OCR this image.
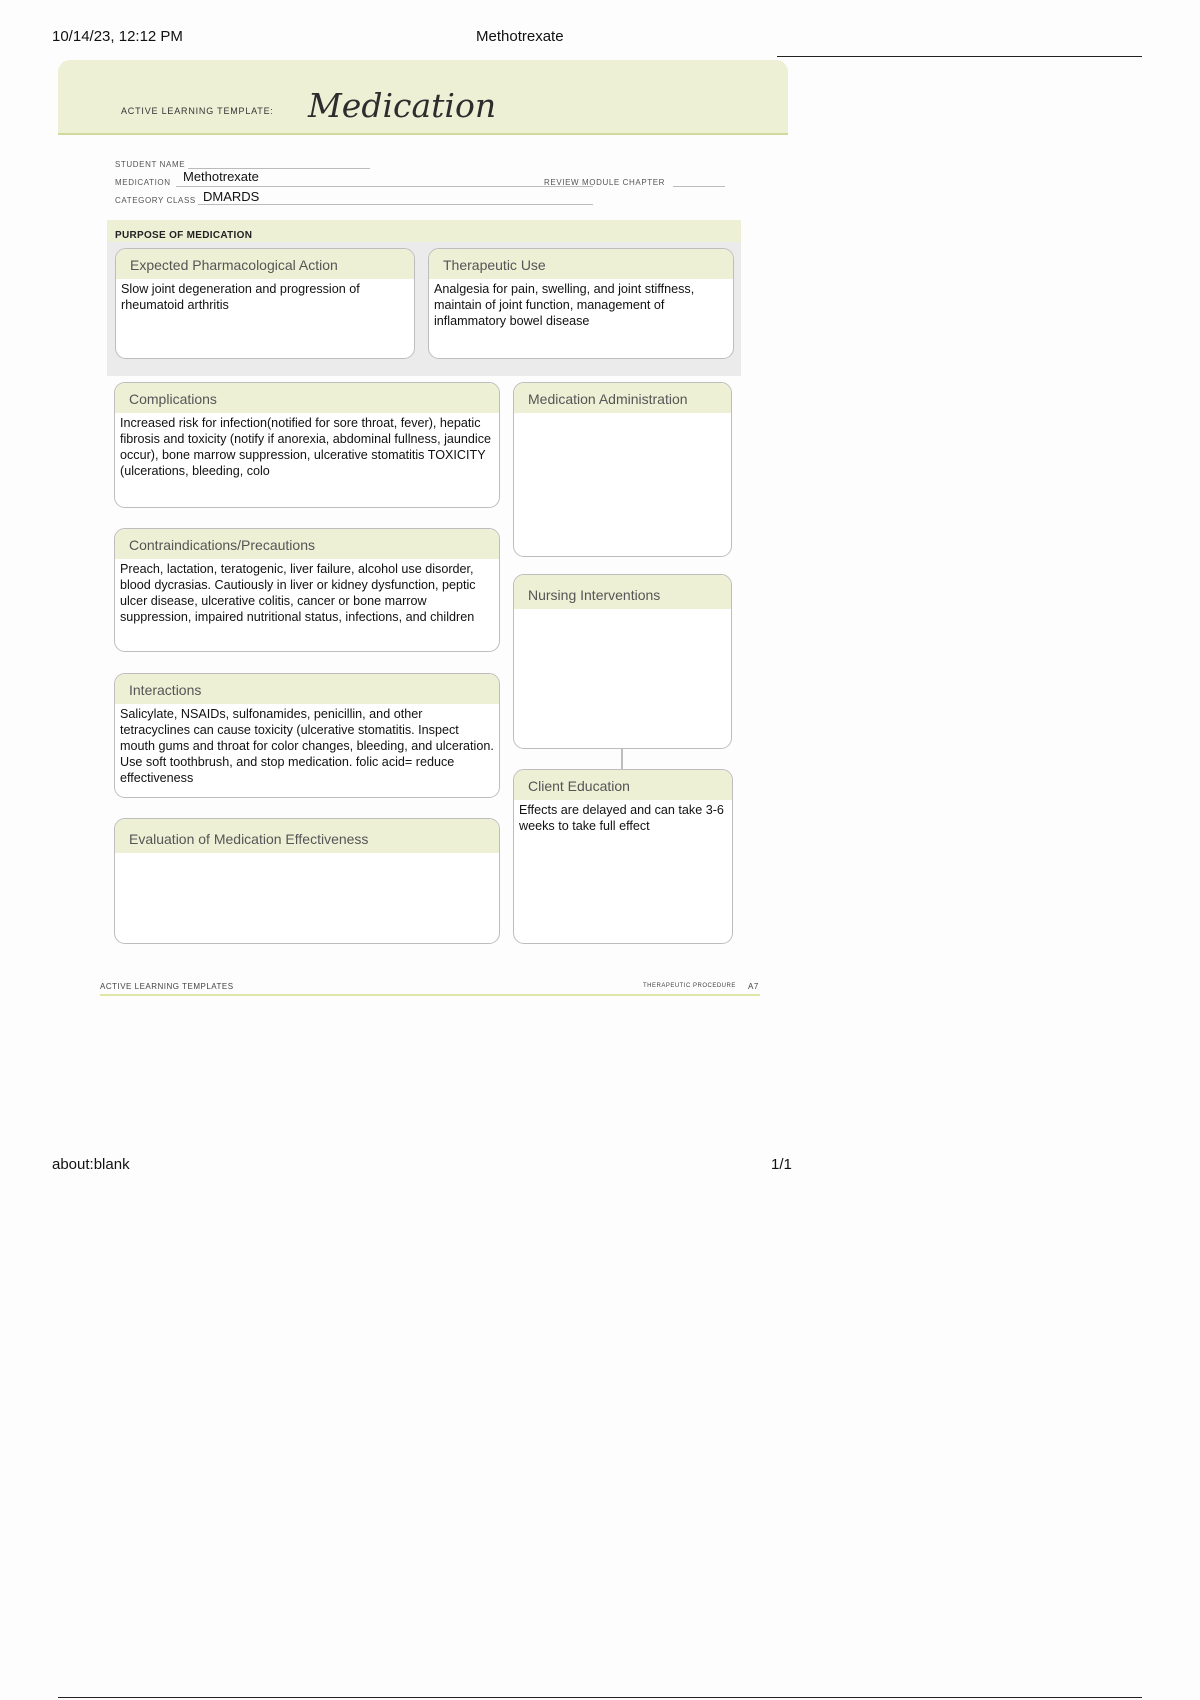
10/14/23, 12:12 PM	Methotrexate
ACTIVE LEARNING TEMPLATE: Medication
STUDENT NAME
MEDICATION Methotrexate	REVIEW MODULE CHAPTER
CATEGORY CLASS DMARDS
PURPOSE OF MEDICATION
Expected Pharmacological Action
Slow joint degeneration and progression of rheumatoid arthritis
Therapeutic Use
Analgesia for pain, swelling, and joint stiffness, maintain of joint function, management of inflammatory bowel disease
Complications
Increased risk for infection(notified for sore throat, fever), hepatic fibrosis and toxicity (notify if anorexia, abdominal fullness, jaundice occur), bone marrow suppression, ulcerative stomatitis TOXICITY (ulcerations, bleeding, colo
Contraindications/Precautions
Preach, lactation, teratogenic, liver failure, alcohol use disorder, blood dycrasias. Cautiously in liver or kidney dysfunction, peptic ulcer disease, ulcerative colitis, cancer or bone marrow suppression, impaired nutritional status, infections, and children
Interactions
Salicylate, NSAIDs, sulfonamides, penicillin, and other tetracyclines can cause toxicity (ulcerative stomatitis. Inspect mouth gums and throat for color changes, bleeding, and ulceration. Use soft toothbrush, and stop medication. folic acid= reduce effectiveness
Evaluation of Medication Effectiveness
Medication Administration
Nursing Interventions
Client Education
Effects are delayed and can take 3-6 weeks to take full effect
ACTIVE LEARNING TEMPLATES	THERAPEUTIC PROCEDURE A7
about:blank	1/1
